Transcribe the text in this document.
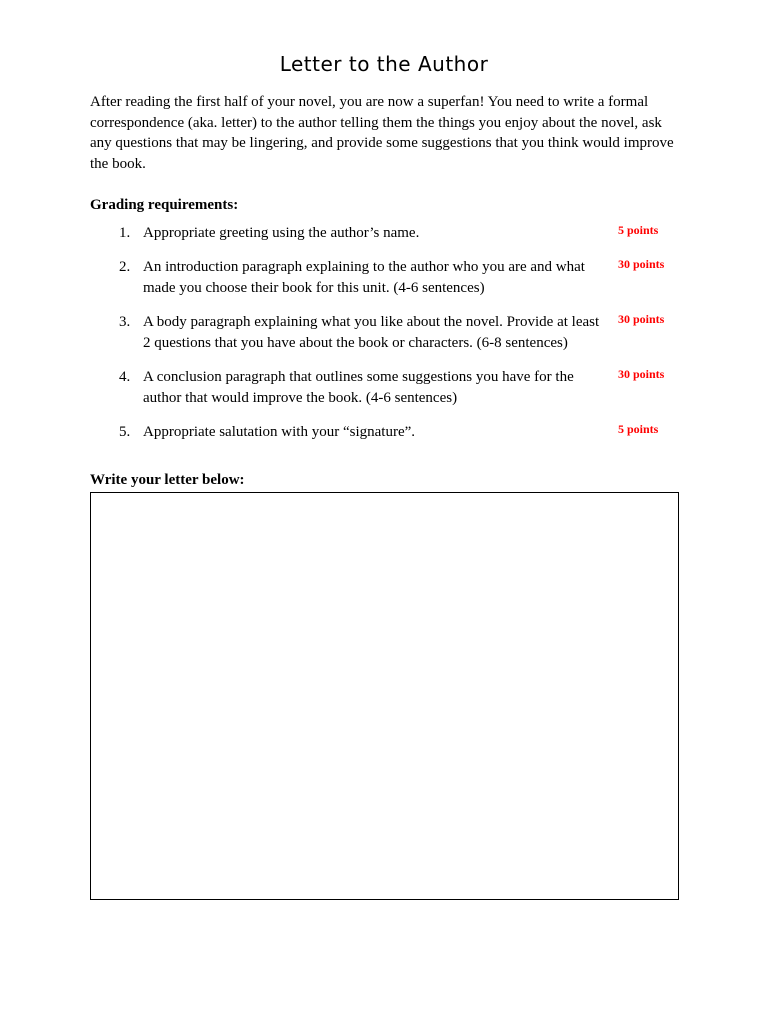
Letter to the Author
After reading the first half of your novel, you are now a superfan! You need to write a formal correspondence (aka. letter) to the author telling them the things you enjoy about the novel, ask any questions that may be lingering, and provide some suggestions that you think would improve the book.
Grading requirements:
1. Appropriate greeting using the author’s name.	5 points
2. An introduction paragraph explaining to the author who you are and what made you choose their book for this unit. (4-6 sentences)
30 points
3. A body paragraph explaining what you like about the novel. Provide at least 2 questions that you have about the book or characters. (6-8 sentences)
30 points
4. A conclusion paragraph that outlines some suggestions you have for the author that would improve the book. (4-6 sentences)
30 points
5. Appropriate salutation with your “signature”.	5 points
Write your letter below:
